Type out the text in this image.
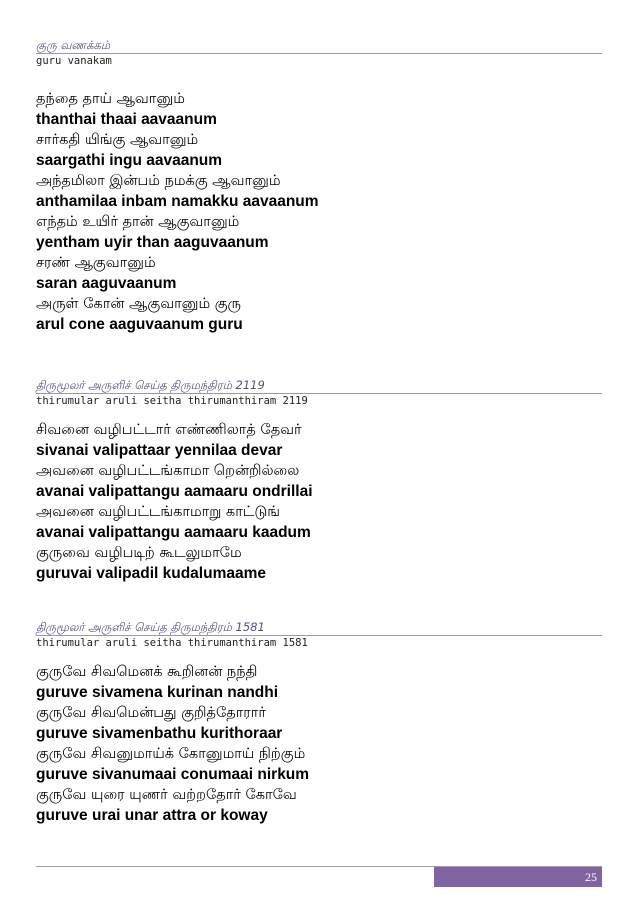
குரு வணக்கம்

guru vanakam

தந்தை தாய் ஆவானும்

thanthai thaai aavaanum

சார்கதி யிங்கு ஆவானும்

saargathi ingu aavaanum

அந்தமிலா இன்பம் நமக்கு ஆவானும்

anthamilaa inbam namakku aavaanum

எந்தம் உயிர் தான் ஆகுவானும்

yentham uyir than aaguvaanum

சரண் ஆகுவானும்

saran aaguvaanum

அருள் கோன் ஆகுவானும் குரு

arul cone aaguvaanum guru

திருமூலர் அருளிச் செய்த திருமந்திரம் 2119

thirumular aruli seitha thirumanthiram 2119

சிவனை வழிபட்டார் எண்ணிலாத் தேவர்

sivanai valipattaar yennilaa devar

அவனை வழிபட்டங்காமா றென்றில்லை

avanai valipattangu aamaaru ondrillai

அவனை வழிபட்டங்காமாறு காட்டுங்

avanai valipattangu aamaaru kaadum

குருவை வழிபடிற் கூடலுமாமே

guruvai valipadil kudalumaame

திருமூலர் அருளிச் செய்த திருமந்திரம் 1581

thirumular aruli seitha thirumanthiram 1581

குருவே சிவமெனக் கூறினன் நந்தி

guruve sivamena kurinan nandhi

குருவே சிவமென்பது குறித்தோரார்

guruve sivamenbathu kurithoraar

குருவே சிவனுமாய்க் கோனுமாய் நிற்கும்

guruve sivanumaai conumaai nirkum

குருவே யுரை யுணர் வற்றதோர் கோவே

guruve urai unar attra or koway

25
